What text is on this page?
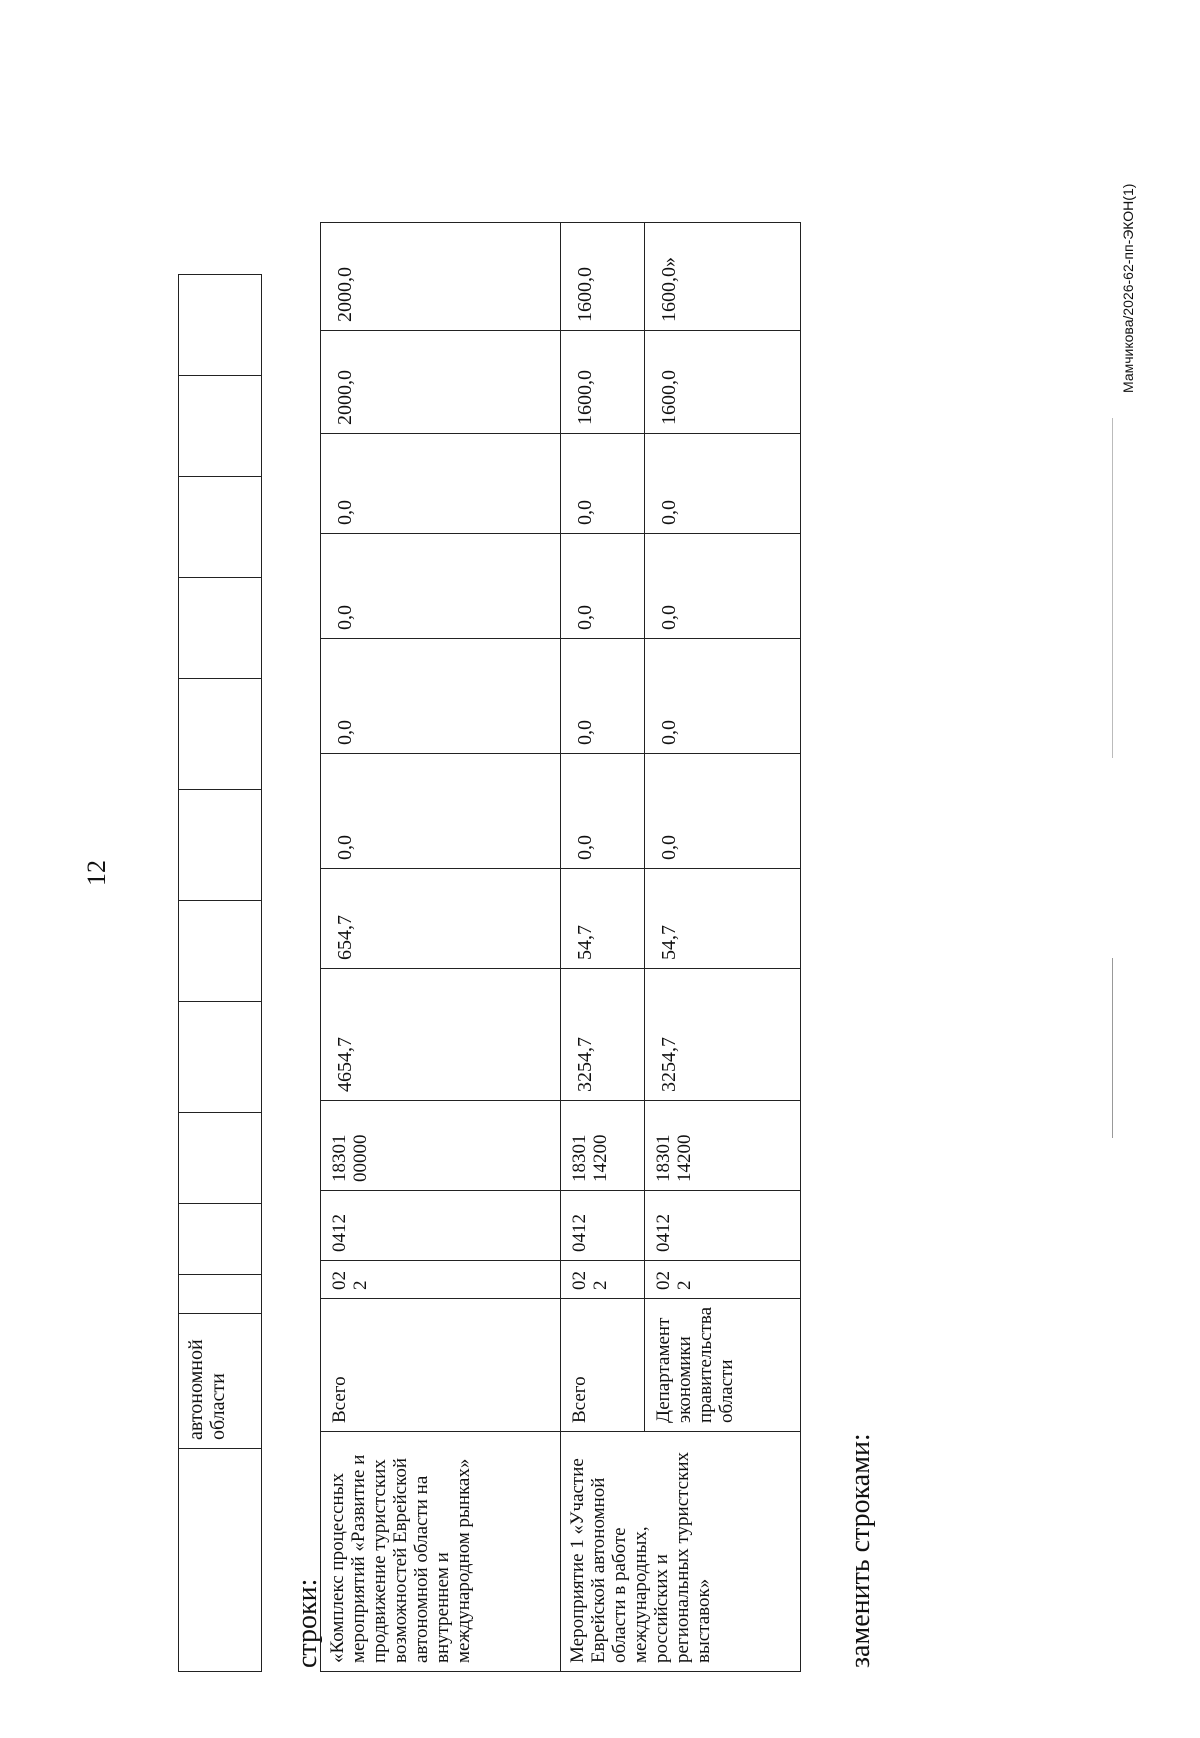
12
	автономной области											
строки: «Комплекс процессных мероприятий «Развитие и продвижение туристских возможностей Еврейской автономной области на внутреннем и международном рынках»	Всего	02 2	0412	18301 00000	4654,7	654,7	0,0	0,0	0,0	0,0	2000,0	2000,0
Мероприятие 1 «Участие Еврейской автономной области в работе международных, российских и региональных туристских выставок»	Всего	02 2	0412	18301 14200	3254,7	54,7	0,0	0,0	0,0	0,0	1600,0	1600,0
	Департамент экономики правительства области	02 2	0412	18301 14200	3254,7	54,7	0,0	0,0	0,0	0,0	1600,0	1600,0»
заменить строками:
Мамчикова/2026-62-пп-ЭКОН(1)
